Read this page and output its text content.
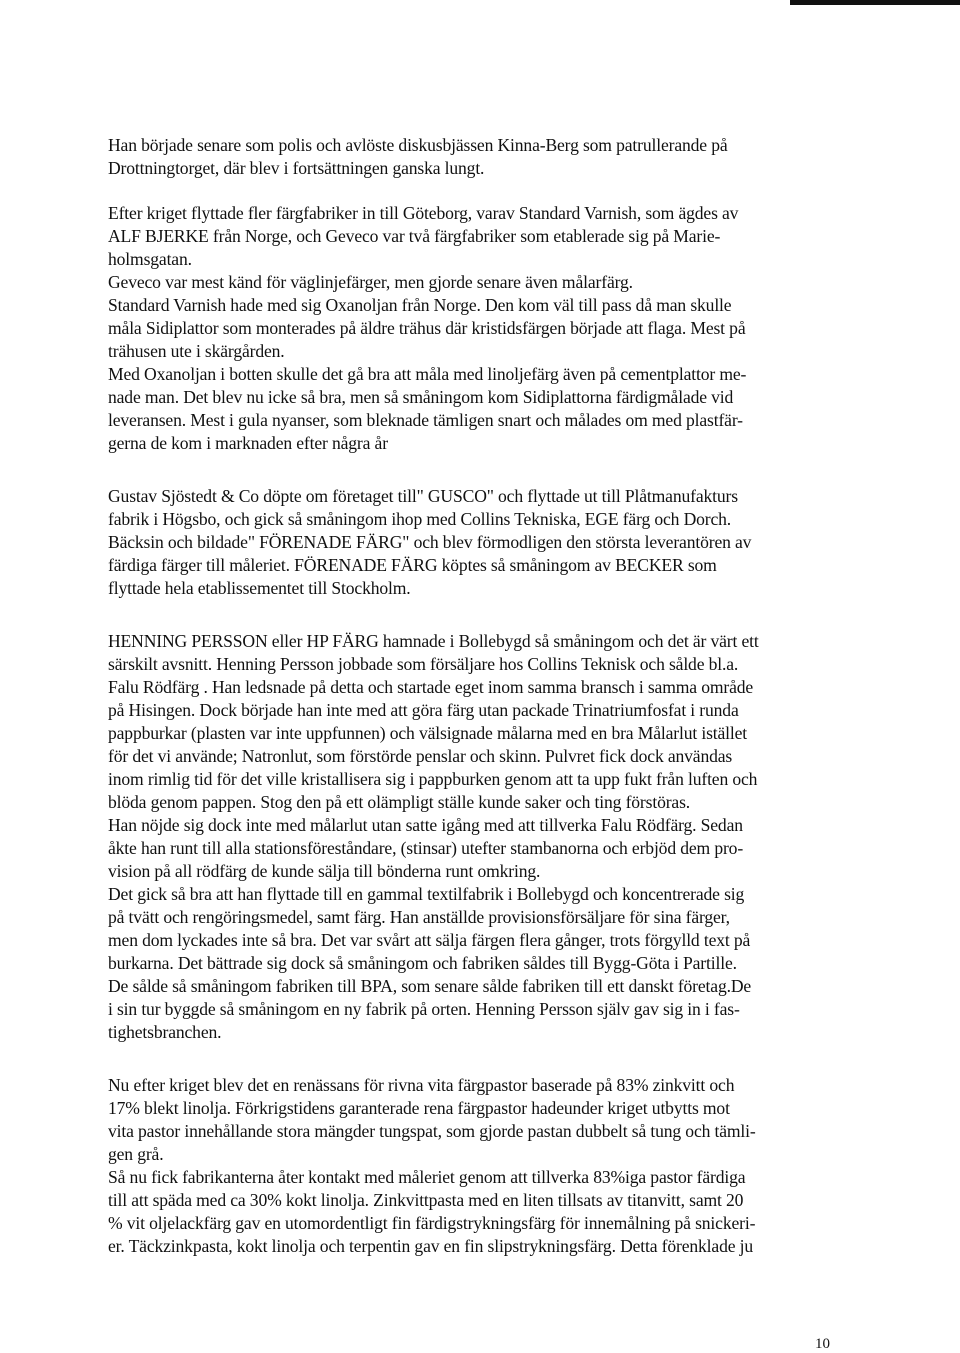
Han började senare som polis och avlöste diskusbjässen Kinna-Berg som patrullerande på
Drottningtorget, där blev i fortsättningen ganska lungt.
Efter kriget flyttade fler färgfabriker in till Göteborg, varav Standard Varnish, som ägdes av
ALF BJERKE från Norge, och Geveco var två färgfabriker som etablerade sig på Marie-
holmsgatan.
Geveco var mest känd för väglinjefärger, men gjorde senare även målarfärg.
Standard Varnish hade med sig Oxanoljan från Norge. Den kom väl till pass då man skulle
måla Sidiplattor som monterades på äldre trähus där kristidsfärgen började att flaga. Mest på
trähusen ute i skärgården.
Med Oxanoljan i botten skulle det gå bra att måla med linoljefärg även på cementplattor me-
nade man. Det blev nu icke så bra, men så småningom kom Sidiplattorna färdigmålade vid
leveransen. Mest i gula nyanser, som bleknade tämligen snart och målades om med plastfär-
gerna de kom i marknaden efter några år
Gustav Sjöstedt & Co döpte om företaget till" GUSCO" och flyttade ut till Plåtmanufakturs
fabrik i Högsbo, och gick så småningom ihop med Collins Tekniska, EGE färg och Dorch.
Bäcksin och bildade" FÖRENADE FÄRG" och blev förmodligen den största leverantören av
färdiga färger till måleriet. FÖRENADE FÄRG köptes så småningom av BECKER som
flyttade hela etablissementet till Stockholm.
HENNING PERSSON eller HP FÄRG hamnade i Bollebygd så småningom och det är värt ett
särskilt avsnitt. Henning Persson jobbade som försäljare hos Collins Teknisk och sålde bl.a.
Falu Rödfärg . Han ledsnade på detta och startade eget inom samma bransch i samma område
på Hisingen. Dock började han inte med att göra färg utan packade Trinatriumfosfat i runda
pappburkar (plasten var inte uppfunnen) och välsignade målarna med en bra Målarlut istället
för det vi använde; Natronlut, som förstörde penslar och skinn. Pulvret fick dock användas
inom rimlig tid för det ville kristallisera sig i pappburken genom att ta upp fukt från luften och
blöda genom pappen. Stog den på ett olämpligt ställe kunde saker och ting förstöras.
Han nöjde sig dock inte med målarlut utan satte igång med att tillverka Falu Rödfärg. Sedan
åkte han runt till alla stationsföreståndare, (stinsar) utefter stambanorna och erbjöd dem pro-
vision på all rödfärg de kunde sälja till bönderna runt omkring.
Det gick så bra att han flyttade till en gammal textilfabrik i Bollebygd och koncentrerade sig
på tvätt och rengöringsmedel, samt färg. Han anställde provisionsförsäljare för sina färger,
men dom lyckades inte så bra. Det var svårt att sälja färgen flera gånger, trots förgylld text på
burkarna. Det bättrade sig dock så småningom och fabriken såldes till Bygg-Göta i Partille.
De sålde så småningom fabriken till BPA, som senare sålde fabriken till ett danskt företag.De
i sin tur byggde så småningom en ny fabrik på orten. Henning Persson själv gav sig in i fas-
tighetsbranchen.
Nu efter kriget blev det en renässans för rivna vita färgpastor baserade på 83% zinkvitt och
17% blekt linolja. Förkrigstidens garanterade rena färgpastor hadeunder kriget utbytts mot
vita pastor innehållande stora mängder tungspat, som gjorde pastan dubbelt så tung och tämli-
gen grå.
Så nu fick fabrikanterna åter kontakt med måleriet genom att tillverka 83%iga pastor färdiga
till att späda med ca 30% kokt linolja. Zinkvittpasta med en liten tillsats av titanvitt, samt 20
% vit oljelackfärg gav en utomordentligt fin färdigstrykningsfärg för innemålning på snickeri-
er. Täckzinkpasta, kokt linolja och terpentin gav en fin slipstrykningsfärg. Detta förenklade ju
10
